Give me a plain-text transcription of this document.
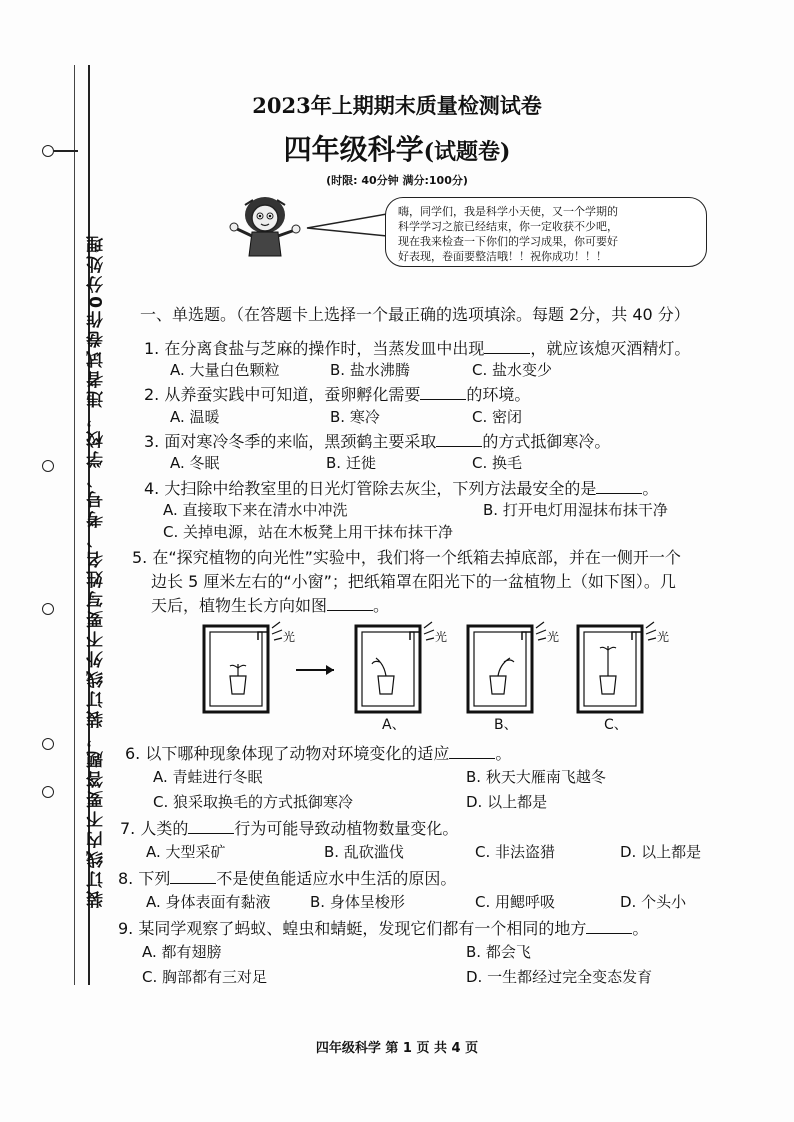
装订线内不要答题，装订线外不要写姓名、考号、学校，违者试卷作0分处理
2023年上期期末质量检测试卷
四年级科学(试题卷)
(时限: 40分钟 满分:100分)
嗨，同学们，我是科学小天使，又一个学期的
科学学习之旅已经结束，你一定收获不少吧，
现在我来检查一下你们的学习成果，你可要好
好表现，卷面要整洁哦！！祝你成功！！！
一、单选题。（在答题卡上选择一个最正确的选项填涂。每题 2分，共 40 分）
1. 在分离食盐与芝麻的操作时，当蒸发皿中出现	，就应该熄灭酒精灯。
A. 大量白色颗粒	B. 盐水沸腾	C. 盐水变少
2. 从养蚕实践中可知道，蚕卵孵化需要	的环境。
A. 温暖	B. 寒冷	C. 密闭
3. 面对寒冷冬季的来临，黑颈鹤主要采取	的方式抵御寒冷。
A. 冬眠	B. 迁徙	C. 换毛
4. 大扫除中给教室里的日光灯管除去灰尘，下列方法最安全的是	。
A. 直接取下来在清水中冲洗	B. 打开电灯用湿抹布抹干净
C. 关掉电源，站在木板凳上用干抹布抹干净
5. 在“探究植物的向光性”实验中，我们将一个纸箱去掉底部，并在一侧开一个
边长 5 厘米左右的“小窗”；把纸箱罩在阳光下的一盆植物上（如下图）。几
天后，植物生长方向如图	。
光	光	光	光
A、	B、	C、
6. 以下哪种现象体现了动物对环境变化的适应	。
A. 青蛙进行冬眠	B. 秋天大雁南飞越冬
C. 狼采取换毛的方式抵御寒冷	D. 以上都是
7. 人类的	行为可能导致动植物数量变化。
A. 大型采矿	B. 乱砍滥伐	C. 非法盗猎	D. 以上都是
8. 下列	不是使鱼能适应水中生活的原因。
A. 身体表面有黏液	B. 身体呈梭形	C. 用鳃呼吸	D. 个头小
9. 某同学观察了蚂蚁、蝗虫和蜻蜓，发现它们都有一个相同的地方	。
A. 都有翅膀	B. 都会飞
C. 胸部都有三对足	D. 一生都经过完全变态发育
四年级科学 第 1 页 共 4 页
